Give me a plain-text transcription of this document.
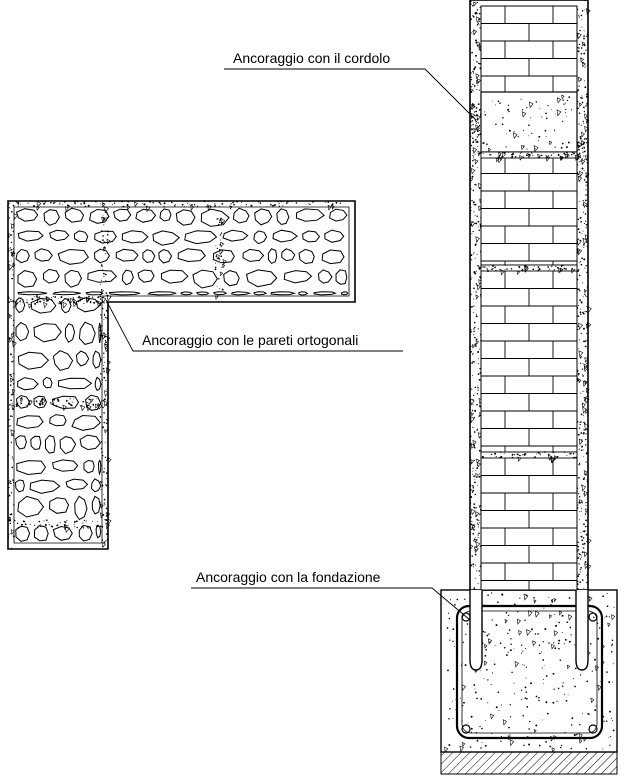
Ancoraggio con il cordolo
Ancoraggio con le pareti ortogonali
Ancoraggio con la fondazione
